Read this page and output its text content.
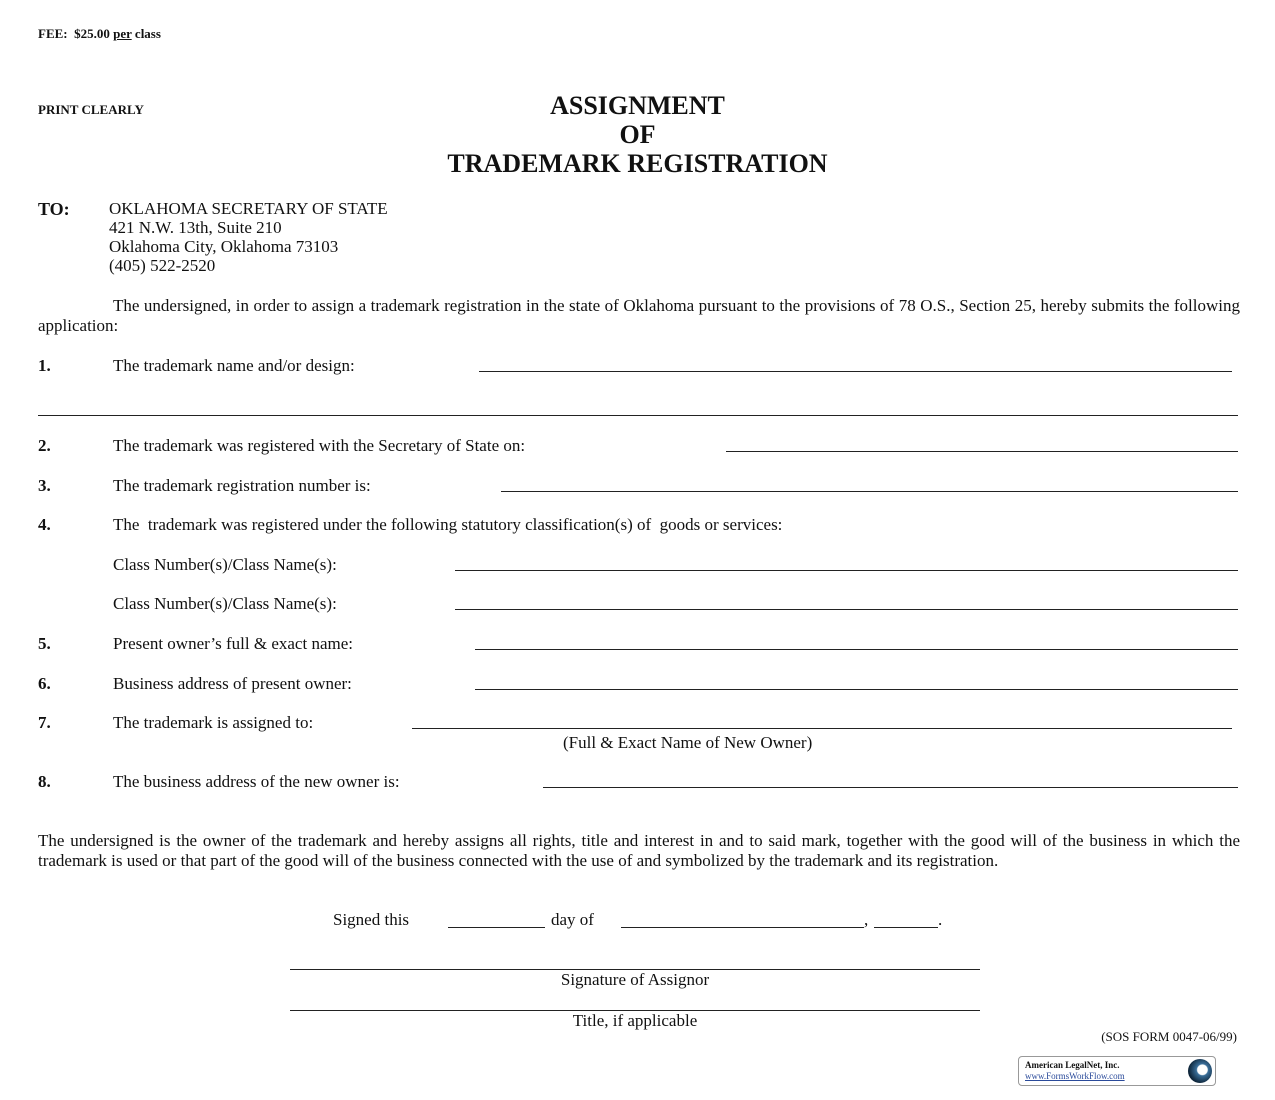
FEE: $25.00 per class
PRINT CLEARLY	ASSIGNMENT
OF
TRADEMARK REGISTRATION
TO: OKLAHOMA SECRETARY OF STATE
421 N.W. 13th, Suite 210
Oklahoma City, Oklahoma 73103
(405) 522-2520
The undersigned, in order to assign a trademark registration in the state of Oklahoma pursuant to the provisions of 78 O.S., Section 25, hereby submits the following application:
1.	The trademark name and/or design:
2.	The trademark was registered with the Secretary of State on:
3.	The trademark registration number is:
4.	The  trademark was registered under the following statutory classification(s) of  goods or services:
Class Number(s)/Class Name(s):
Class Number(s)/Class Name(s):
5.	Present owner’s full & exact name:
6.	Business address of present owner:
7.	The trademark is assigned to:
(Full & Exact Name of New Owner)
8.	The business address of the new owner is:
The undersigned is the owner of the trademark and hereby assigns all rights, title and interest in and to said mark, together with the good will of the business in which the trademark is used or that part of the good will of the business connected with the use of and symbolized by the trademark and its registration.
Signed this	day of	,	.
Signature of Assignor
Title, if applicable
(SOS FORM 0047-06/99)
American LegalNet, Inc.
www.FormsWorkFlow.com
